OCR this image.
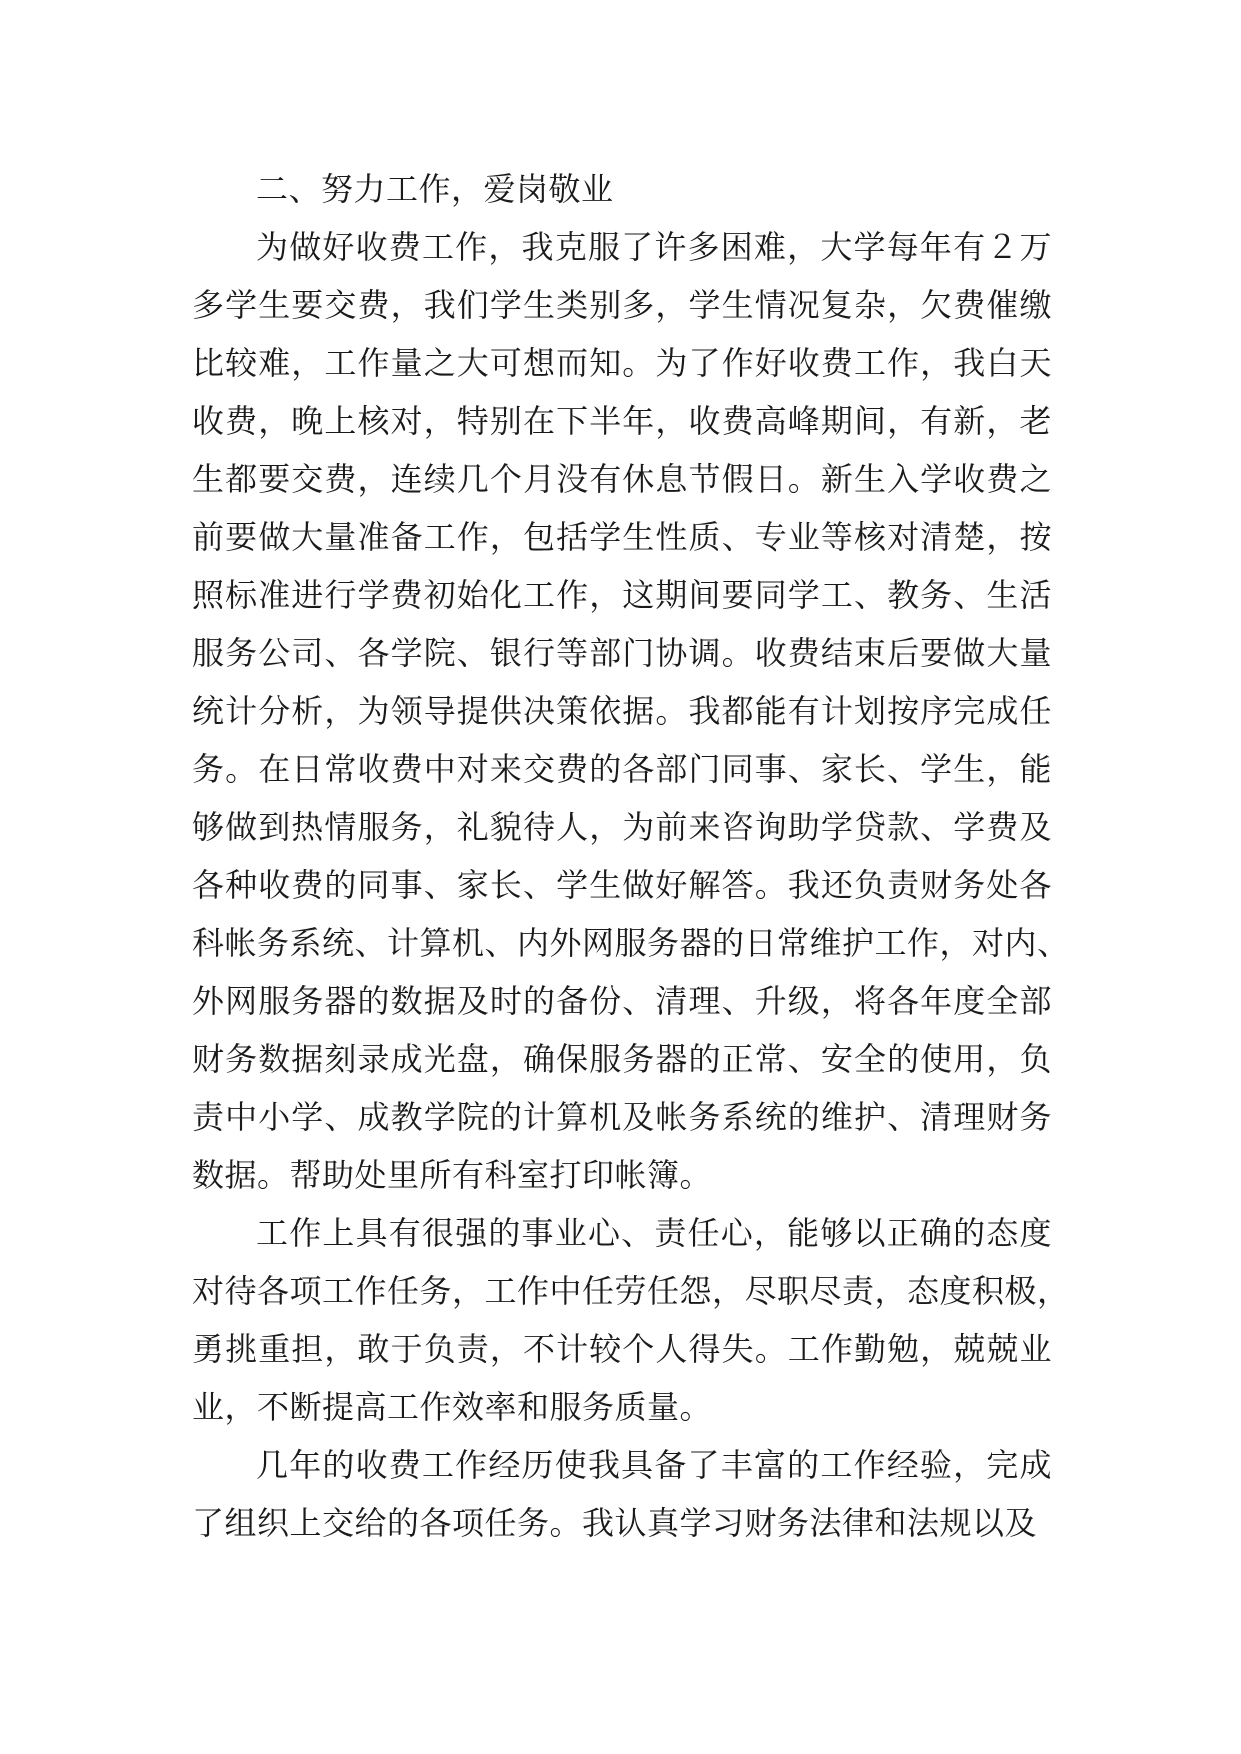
二、努力工作，爱岗敬业
为做好收费工作，我克服了许多困难，大学每年有２万
多学生要交费，我们学生类别多，学生情况复杂，欠费催缴
比较难，工作量之大可想而知。为了作好收费工作，我白天
收费，晚上核对，特别在下半年，收费高峰期间，有新，老
生都要交费，连续几个月没有休息节假日。新生入学收费之
前要做大量准备工作，包括学生性质、专业等核对清楚，按
照标准进行学费初始化工作，这期间要同学工、教务、生活
服务公司、各学院、银行等部门协调。收费结束后要做大量
统计分析，为领导提供决策依据。我都能有计划按序完成任
务。在日常收费中对来交费的各部门同事、家长、学生，能
够做到热情服务，礼貌待人，为前来咨询助学贷款、学费及
各种收费的同事、家长、学生做好解答。我还负责财务处各
科帐务系统、计算机、内外网服务器的日常维护工作，对内、
外网服务器的数据及时的备份、清理、升级，将各年度全部
财务数据刻录成光盘，确保服务器的正常、安全的使用，负
责中小学、成教学院的计算机及帐务系统的维护、清理财务
数据。帮助处里所有科室打印帐簿。
工作上具有很强的事业心、责任心，能够以正确的态度
对待各项工作任务，工作中任劳任怨，尽职尽责，态度积极，
勇挑重担，敢于负责，不计较个人得失。工作勤勉，兢兢业
业，不断提高工作效率和服务质量。
几年的收费工作经历使我具备了丰富的工作经验，完成
了组织上交给的各项任务。我认真学习财务法律和法规以及
